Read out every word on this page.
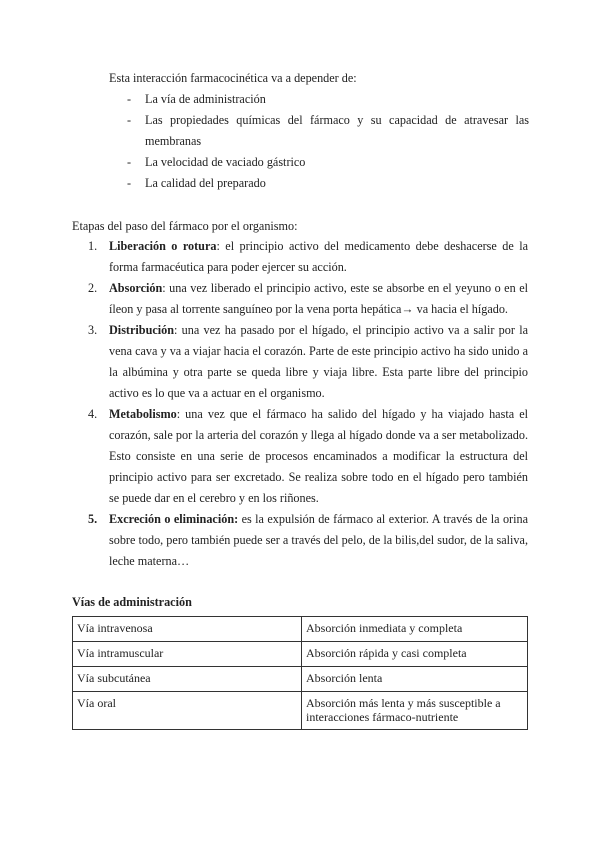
Esta interacción farmacocinética va a depender de:

- La vía de administración
- Las propiedades químicas del fármaco y su capacidad de atravesar las membranas
- La velocidad de vaciado gástrico
- La calidad del preparado

Etapas del paso del fármaco por el organismo:

1. Liberación o rotura: el principio activo del medicamento debe deshacerse de la forma farmacéutica para poder ejercer su acción.
2. Absorción: una vez liberado el principio activo, este se absorbe en el yeyuno o en el íleon y pasa al torrente sanguíneo por la vena porta hepática→ va hacia el hígado.
3. Distribución: una vez ha pasado por el hígado, el principio activo va a salir por la vena cava y va a viajar hacia el corazón. Parte de este principio activo ha sido unido a la albúmina y otra parte se queda libre y viaja libre. Esta parte libre del principio activo es lo que va a actuar en el organismo.
4. Metabolismo: una vez que el fármaco ha salido del hígado y ha viajado hasta el corazón, sale por la arteria del corazón y llega al hígado donde va a ser metabolizado. Esto consiste en una serie de procesos encaminados a modificar la estructura del principio activo para ser excretado. Se realiza sobre todo en el hígado pero también se puede dar en el cerebro y en los riñones.
5. Excreción o eliminación: es la expulsión de fármaco al exterior. A través de la orina sobre todo, pero también puede ser a través del pelo, de la bilis,del sudor, de la saliva, leche materna…

Vías de administración

Vía intravenosa	Absorción inmediata y completa

Vía intramuscular	Absorción rápida y casi completa

Vía subcutánea	Absorción lenta

Vía oral	Absorción más lenta y más susceptible a interacciones fármaco-nutriente
